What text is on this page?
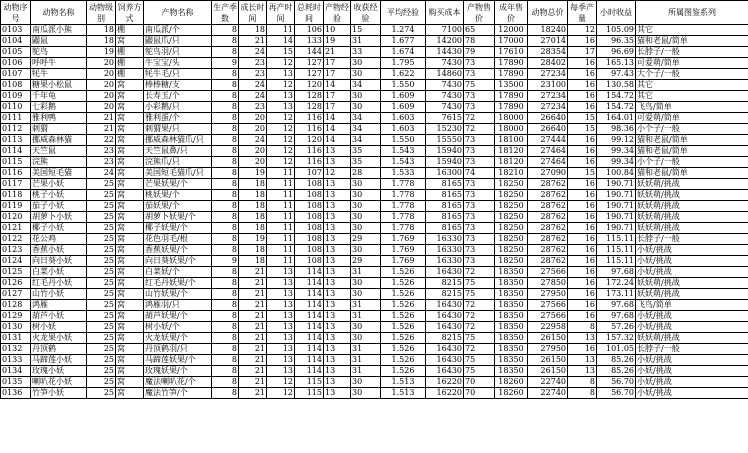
动物序号	动物名称	动物级别	饲养方式	产物名称	生产季数	成长时间	再产时间	总耗时间	产物经验	收获经验	平均经验	购买成本	产物售价	成年售价	动物总价	每季产量	小时收益	所属图鉴系列
0103	南瓜派小熊	18	棚	南瓜派/个	8	18	11	106	10	15	1.274	7100	65	12000	18240	12	105.09	其它
0104	鼹鼠	18	窝	鼹鼠爪/只	8	21	14	133	19	31	1.677	14200	78	17000	27014	16	96.35	猫和老鼠/简单
0105	鸵鸟	19	棚	鸵鸟羽/只	8	24	15	144	21	33	1.674	14430	79	17610	28354	17	96.69	长脖子/一般
0106	呼呼牛	20	棚	牛宝宝/头	9	23	12	127	17	30	1.795	7430	73	17890	28402	16	165.13	可爱萌/简单
0107	牦牛	20	棚	牦牛毛/只	8	23	13	127	17	30	1.622	14860	73	17890	27234	16	97.43	大个子/一般
0108	糖果小松鼠	20	窝	棒棒糖/支	8	24	12	120	14	34	1.550	7430	75	13500	23100	16	130.58	其它
0109	千年龟	20	窝	长寿玉/个	8	24	13	128	17	30	1.609	7430	73	17890	27234	16	154.72	其它
0110	七彩鹅	20	窝	小彩鹅/只	8	23	13	128	17	30	1.609	7430	73	17890	27234	16	154.72	飞鸟/简单
0111	雅利鸭	21	窝	雅利蛋/个	8	20	12	116	14	34	1.603	7615	72	18000	26640	15	164.01	可爱萌/简单
0112	刺猬	21	窝	刺猬果/只	8	20	12	116	14	34	1.603	15230	72	18000	26640	15	98.36	小个子/一般
0113	挪威森林猫	22	窝	挪威森林猫爪/只	8	24	12	120	14	34	1.550	15550	73	18100	27444	16	99.12	猫和老鼠/简单
0114	天竺鼠	23	窝	天竺鼠鼻/只	8	20	12	116	13	35	1.543	15940	73	18120	27464	16	99.34	猫和老鼠/简单
0115	浣熊	23	窝	浣熊爪/只	8	20	12	116	13	35	1.543	15940	73	18120	27464	16	99.34	小个子/一般
0116	美国短毛猫	24	窝	美国短毛猫爪/只	8	19	11	107	12	28	1.533	16300	74	18210	27090	15	100.84	猫和老鼠/简单
0117	芒果小妖	25	窝	芒果妖果/个	8	18	11	108	13	30	1.778	8165	73	18250	28762	16	190.71	妖妖萌/挑战
0118	桃子小妖	25	窝	桃妖果/个	8	18	11	108	13	30	1.778	8165	73	18250	28762	16	190.71	妖妖萌/挑战
0119	茄子小妖	25	窝	茄妖果/个	8	18	11	108	13	30	1.778	8165	73	18250	28762	16	190.71	妖妖萌/挑战
0120	胡萝卜小妖	25	窝	胡萝卜妖果/个	8	18	11	108	13	30	1.778	8165	73	18250	28762	16	190.71	妖妖萌/挑战
0121	椰子小妖	25	窝	椰子妖果/个	8	18	11	108	13	30	1.778	8165	73	18250	28762	16	190.71	妖妖萌/挑战
0122	花公鸡	25	窝	花色羽毛/根	8	19	11	108	13	29	1.769	16330	73	18250	28762	16	115.11	长脖子/一般
0123	香蕉小妖	25	窝	香蕉妖果/个	8	18	11	108	13	30	1.769	16330	73	18250	28762	16	115.11	小妖/挑战
0124	向日葵小妖	25	窝	向日葵妖果/个	9	18	11	108	13	29	1.769	16330	73	18250	28762	16	115.11	小妖/挑战
0125	白菜小妖	25	窝	白菜妖/个	8	21	13	114	13	31	1.526	16430	72	18350	27566	16	97.68	小妖/挑战
0126	红毛丹小妖	25	窝	红毛丹妖果/个	8	21	13	114	13	30	1.526	8215	75	18350	27850	16	172.24	妖妖萌/挑战
0127	山竹小妖	25	窝	山竹妖果/个	8	21	13	114	13	30	1.526	8215	75	18350	27950	16	173.11	妖妖萌/挑战
0128	鸿雁	25	窝	鸿雁羽/只	8	21	13	114	13	31	1.526	16430	72	18350	27566	16	97.68	飞鸟/简单
0129	葫芦小妖	25	窝	葫芦妖果/个	8	21	13	114	13	31	1.526	16430	72	18350	27566	16	97.68	小妖/挑战
0130	树小妖	25	窝	树小妖/个	8	21	13	114	13	30	1.526	16430	72	18350	22958	8	57.26	小妖/挑战
0131	火龙果小妖	25	窝	火龙妖果/个	8	21	13	114	13	30	1.526	8215	75	18350	26150	13	157.32	妖妖萌/挑战
0132	丹顶鹤	25	窝	丹顶鹤羽/只	8	21	13	114	13	31	1.526	16430	72	18350	27950	16	101.05	长脖子/一般
0133	马蹄莲小妖	25	窝	马蹄莲妖果/个	8	21	13	114	13	31	1.526	16430	75	18350	26150	13	85.26	小妖/挑战
0134	玫瑰小妖	25	窝	玫瑰妖果/个	8	21	13	114	13	31	1.526	16430	75	18350	26150	13	85.26	小妖/挑战
0135	喇叭花小妖	25	窝	魔法喇叭花/个	8	21	12	115	13	30	1.513	16220	70	18260	22740	8	56.70	小妖/挑战
0136	竹笋小妖	25	窝	魔法竹笋/个	8	21	12	115	13	30	1.513	16220	70	18260	22740	8	56.70	小妖/挑战
